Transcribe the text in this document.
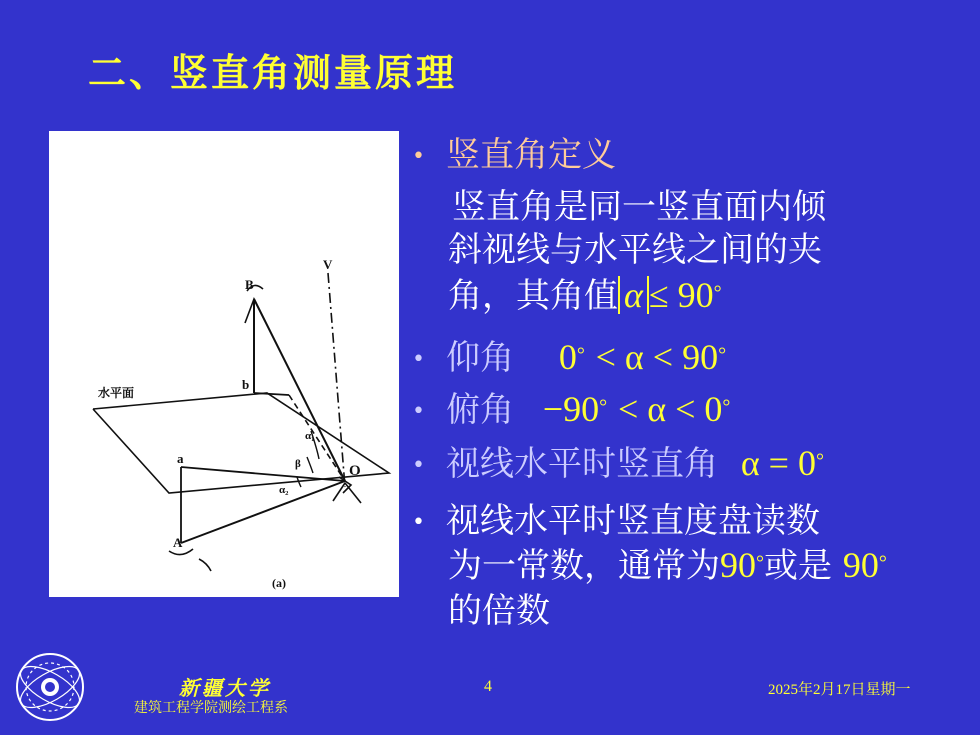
二、竖直角测量原理
V
B
b
水平面
a
A
O
α₁
α₂
β
(a)
• 竖直角定义
竖直角是同一竖直面内倾
斜视线与水平线之间的夹
角，其角值 α ≤ 90°
• 仰角 0° < α < 90°
• 俯角 −90° < α < 0°
• 视线水平时竖直角 α = 0°
• 视线水平时竖直度盘读数
为一常数，通常为90°或是 90°
的倍数
新疆大学
建筑工程学院测绘工程系
4	2025年2月17日星期一
